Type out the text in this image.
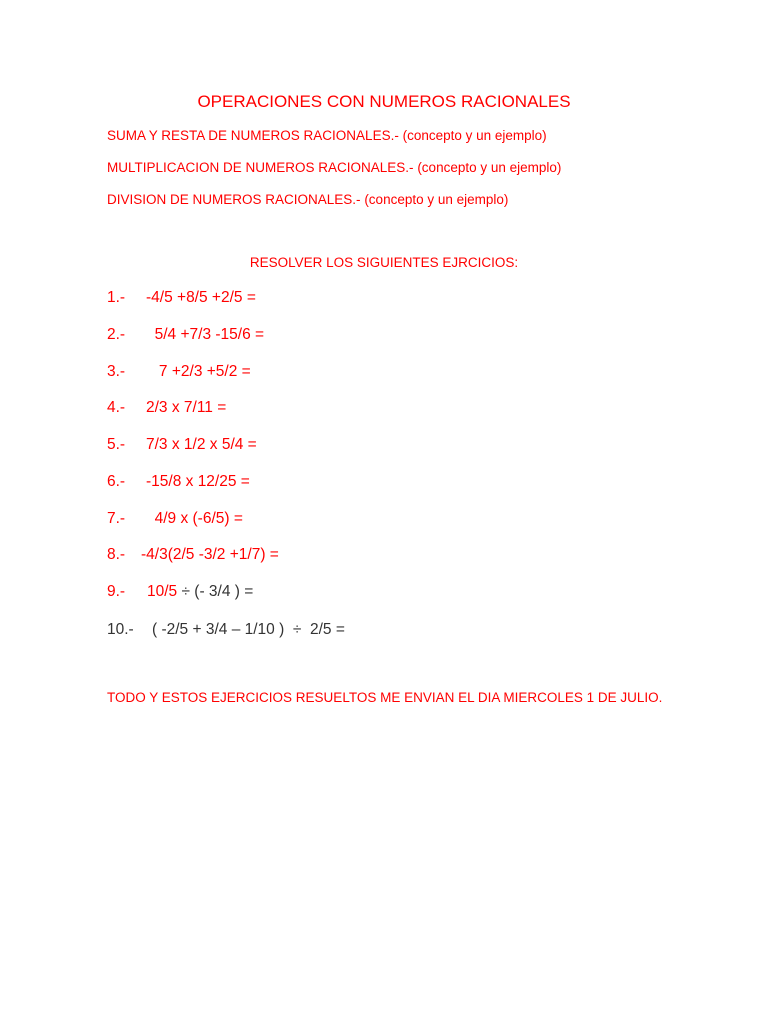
OPERACIONES CON NUMEROS RACIONALES
SUMA Y RESTA DE NUMEROS RACIONALES.- (concepto y un ejemplo)
MULTIPLICACION DE NUMEROS RACIONALES.- (concepto y un ejemplo)
DIVISION DE NUMEROS RACIONALES.- (concepto y un ejemplo)
RESOLVER LOS SIGUIENTES EJRCICIOS:
1.- -4/5 +8/5 +2/5 =
2.-  5/4 +7/3 -15/6 =
3.-   7 +2/3 +5/2 =
4.- 2/3 x 7/11 =
5.- 7/3 x 1/2 x 5/4 =
6.- -15/8 x 12/25 =
7.-  4/9 x (-6/5) =
8.- -4/3(2/5 -3/2 +1/7) =
9.- 10/5 ÷ (- 3/4 ) =
10.- ( -2/5 + 3/4 – 1/10 )  ÷  2/5 =
TODO Y ESTOS EJERCICIOS RESUELTOS ME ENVIAN EL DIA MIERCOLES 1 DE JULIO.
